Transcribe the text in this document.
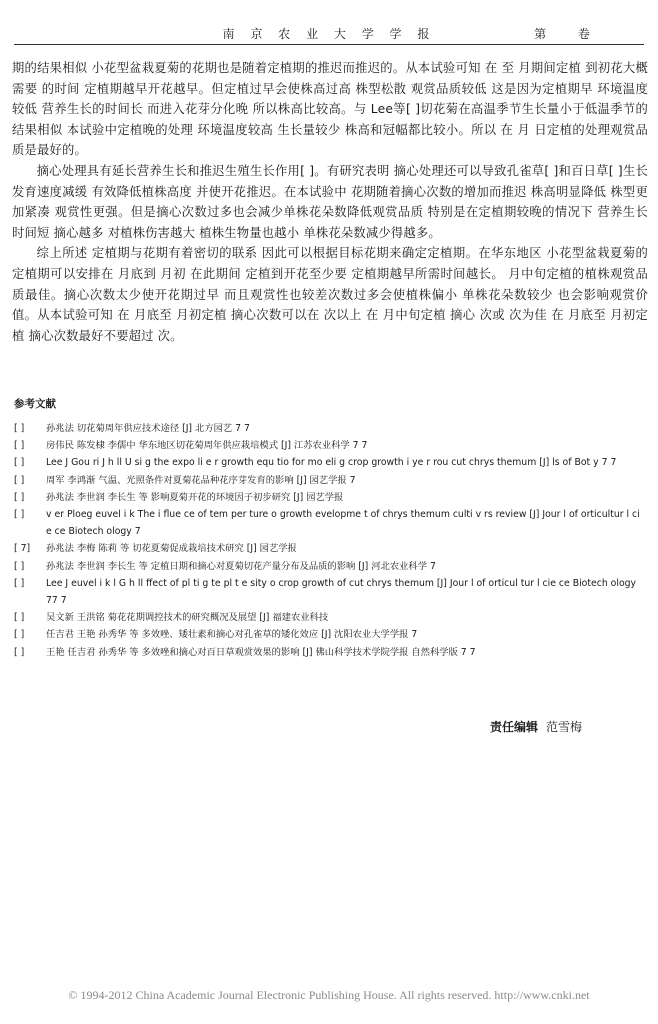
南 京 农 业 大 学 学 报	第 卷

期的结果相似 小花型盆栽夏菊的花期也是随着定植期的推迟而推迟的。从本试验可知 在 至 月期间定植 到初花大概需要 的时间 定植期越早开花越早。但定植过早会使株高过高 株型松散 观赏品质较低 这是因为定植期早 环境温度较低 营养生长的时间长 而进入花芽分化晚 所以株高比较高。与 Lee等[ ]切花菊在高温季节生长量小于低温季节的结果相似 本试验中定植晚的处理 环境温度较高 生长量较少 株高和冠幅都比较小。所以 在 月 日定植的处理观赏品质是最好的。

摘心处理具有延长营养生长和推迟生殖生长作用[ ]。有研究表明 摘心处理还可以导致孔雀草[ ]和百日草[ ]生长发育速度减缓 有效降低植株高度 并使开花推迟。在本试验中 花期随着摘心次数的增加而推迟 株高明显降低 株型更加紧凑 观赏性更强。但是摘心次数过多也会减少单株花朵数降低观赏品质 特别是在定植期较晚的情况下 营养生长时间短 摘心越多 对植株伤害越大 植株生物量也越小 单株花朵数减少得越多。

综上所述 定植期与花期有着密切的联系 因此可以根据目标花期来确定定植期。在华东地区 小花型盆栽夏菊的定植期可以安排在 月底到 月初 在此期间 定植到开花至少要 定植期越早所需时间越长。 月中旬定植的植株观赏品质最佳。摘心次数太少使开花期过早 而且观赏性也较差次数过多会使植株偏小 单株花朵数较少 也会影响观赏价值。从本试验可知 在 月底至 月初定植 摘心次数可以在 次以上 在 月中旬定植 摘心 次或 次为佳 在 月底至 月初定植 摘心次数最好不要超过 次。

参考文献
[ ]	孙兆法 切花菊周年供应技术途径 [J] 北方园艺 7 7
[ ]	房伟民 陈发棣 李儒中 华东地区切花菊周年供应栽培模式 [J] 江苏农业科学 7 7
[ ]	Lee J Gou ri J h ll U si g the expo li e r growth equ tio for mo eli g crop growth i ye r rou cut chrys themum [J] ls of Bot y 7 7
[ ]	周军 李鸿渐 气温、光照条件对夏菊花品种花序芽发育的影响 [J] 园艺学报 7
[ ]	孙兆法 李世润 李长生 等 影响夏菊开花的环境因子初步研究 [J] 园艺学报
[ ]	v er Ploeg euvel i k The i flue ce of tem per ture o growth evelopme t of chrys themum culti v rs review [J] Jour l of orticultur l cie ce Biotech ology 7
[ 7]	孙兆法 李梅 陈莉 等 切花夏菊促成栽培技术研究 [J] 园艺学报
[ ]	孙兆法 李世润 李长生 等 定植日期和摘心对夏菊切花产量分布及品质的影响 [J] 河北农业科学 7
[ ]	Lee J euvel i k l G h ll ffect of pl ti g te pl t e sity o crop growth of cut chrys themum [J] Jour l of orticul tur l cie ce Biotech ology 77 7
[ ]	吴文新 王洪铭 菊花花期调控技术的研究概况及展望 [J] 福建农业科技
[ ]	任吉君 王艳 孙秀华 等 多效唑、矮壮素和摘心对孔雀草的矮化效应 [J] 沈阳农业大学学报 7
[ ]	王艳 任吉君 孙秀华 等 多效唑和摘心对百日草观赏效果的影响 [J] 佛山科学技术学院学报 自然科学版 7 7
责任编辑 范雪梅
© 1994-2012 China Academic Journal Electronic Publishing House. All rights reserved. http://www.cnki.net
